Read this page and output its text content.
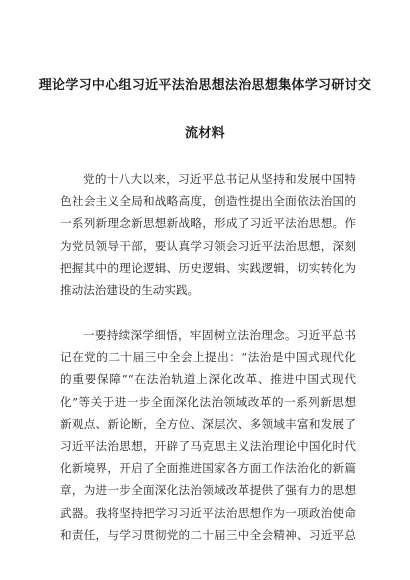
理论学习中心组习近平法治思想法治思想集体学习研讨交
流材料
党的十八大以来，习近平总书记从坚持和发展中国特
色社会主义全局和战略高度，创造性提出全面依法治国的
一系列新理念新思想新战略，形成了习近平法治思想。作
为党员领导干部，要认真学习领会习近平法治思想，深刻
把握其中的理论逻辑、历史逻辑、实践逻辑，切实转化为
推动法治建设的生动实践。
一要持续深学细悟，牢固树立法治理念。习近平总书
记在党的二十届三中全会上提出：“法治是中国式现代化
的重要保障”“在法治轨道上深化改革、推进中国式现代
化”等关于进一步全面深化法治领域改革的一系列新思想
新观点、新论断，全方位、深层次、多领域丰富和发展了
习近平法治思想，开辟了马克思主义法治理论中国化时代
化新境界，开启了全面推进国家各方面工作法治化的新篇
章，为进一步全面深化法治领域改革提供了强有力的思想
武器。我将坚持把学习习近平法治思想作为一项政治使命
和责任，与学习贯彻党的二十届三中全会精神、习近平总
